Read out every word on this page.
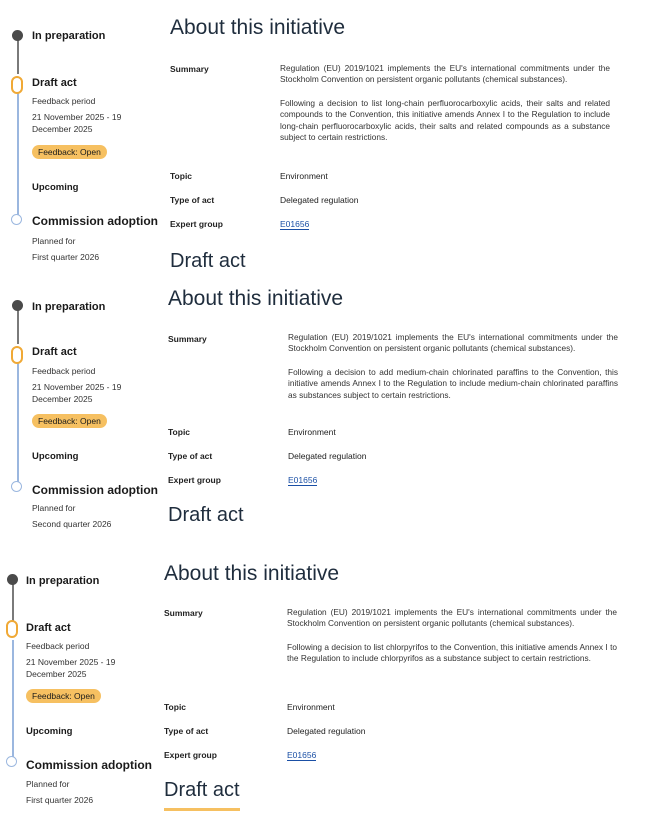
In preparation
Draft act
Feedback period
21 November 2025 - 19 December 2025
Feedback: Open
Upcoming
Commission adoption
Planned for
First quarter 2026
About this initiative
Summary	Regulation (EU) 2019/1021 implements the EU's international commitments under the Stockholm Convention on persistent organic pollutants (chemical substances).
Following a decision to list long-chain perfluorocarboxylic acids, their salts and related compounds to the Convention, this initiative amends Annex I to the Regulation to include long-chain perfluorocarboxylic acids, their salts and related compounds as a substance subject to certain restrictions.
Topic	Environment
Type of act	Delegated regulation
Expert group	E01656
Draft act
In preparation
Draft act
Feedback period
21 November 2025 - 19 December 2025
Feedback: Open
Upcoming
Commission adoption
Planned for
Second quarter 2026
About this initiative
Summary	Regulation (EU) 2019/1021 implements the EU's international commitments under the Stockholm Convention on persistent organic pollutants (chemical substances).
Following a decision to add medium-chain chlorinated paraffins to the Convention, this initiative amends Annex I to the Regulation to include medium-chain chlorinated paraffins as substances subject to certain restrictions.
Topic	Environment
Type of act	Delegated regulation
Expert group	E01656
Draft act
In preparation
Draft act
Feedback period
21 November 2025 - 19 December 2025
Feedback: Open
Upcoming
Commission adoption
Planned for
First quarter 2026
About this initiative
Summary	Regulation (EU) 2019/1021 implements the EU's international commitments under the Stockholm Convention on persistent organic pollutants (chemical substances).
Following a decision to list chlorpyrifos to the Convention, this initiative amends Annex I to the Regulation to include chlorpyrifos as a substance subject to certain restrictions.
Topic	Environment
Type of act	Delegated regulation
Expert group	E01656
Draft act
